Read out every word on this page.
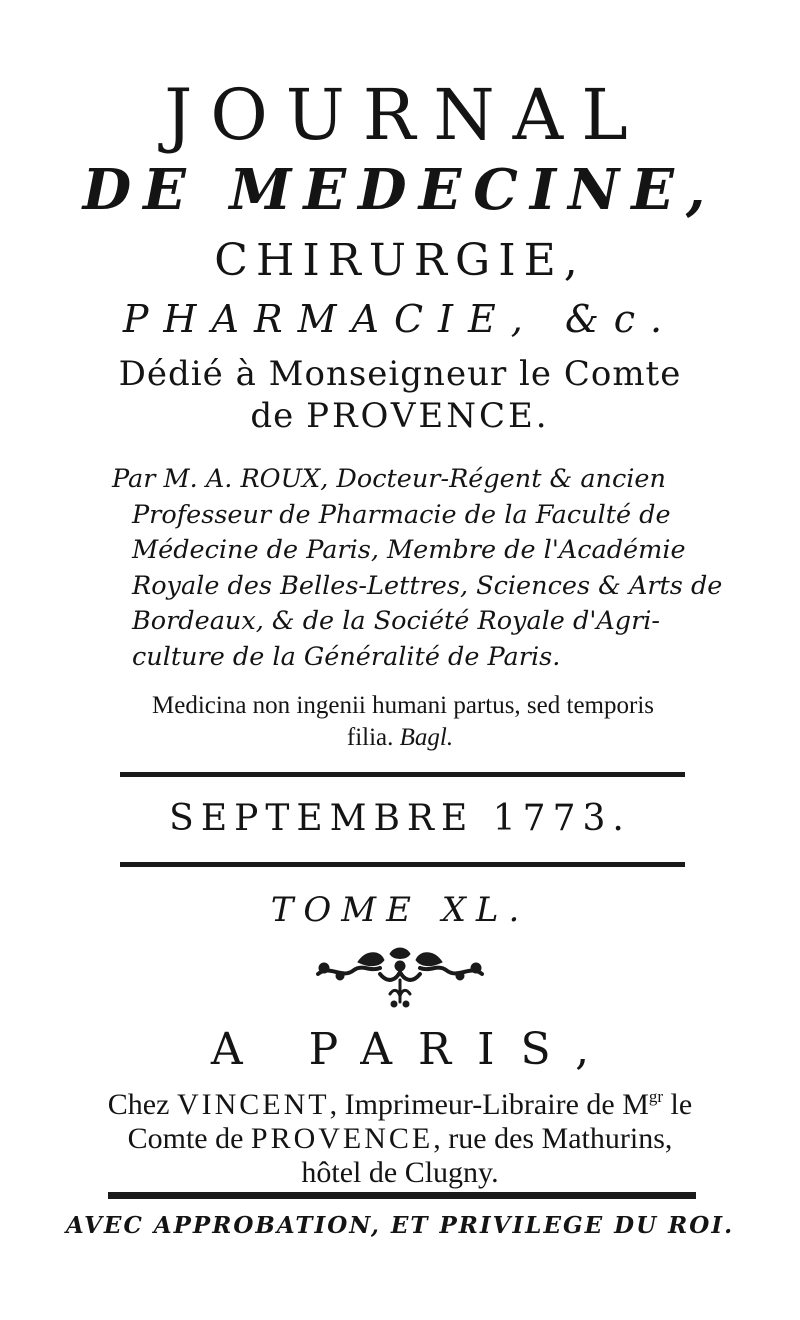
JOURNAL
DE MEDECINE,
CHIRURGIE,
PHARMACIE, &c.
Dédié à Monseigneur le Comte
de PROVENCE.
Par M. A. ROUX, Docteur-Régent & ancien
Professeur de Pharmacie de la Faculté de
Médecine de Paris, Membre de l'Académie
Royale des Belles-Lettres, Sciences & Arts de
Bordeaux, & de la Société Royale d'Agri-
culture de la Généralité de Paris.
Medicina non ingenii humani partus, sed temporis
filia. Bagl.
SEPTEMBRE 1773.
TOME XL.
A PARIS,
Chez VINCENT, Imprimeur-Libraire de $M^{gr}$ le
Comte de PROVENCE, rue des Mathurins,
hôtel de Clugny.
AVEC APPROBATION, ET PRIVILEGE DU ROI.
